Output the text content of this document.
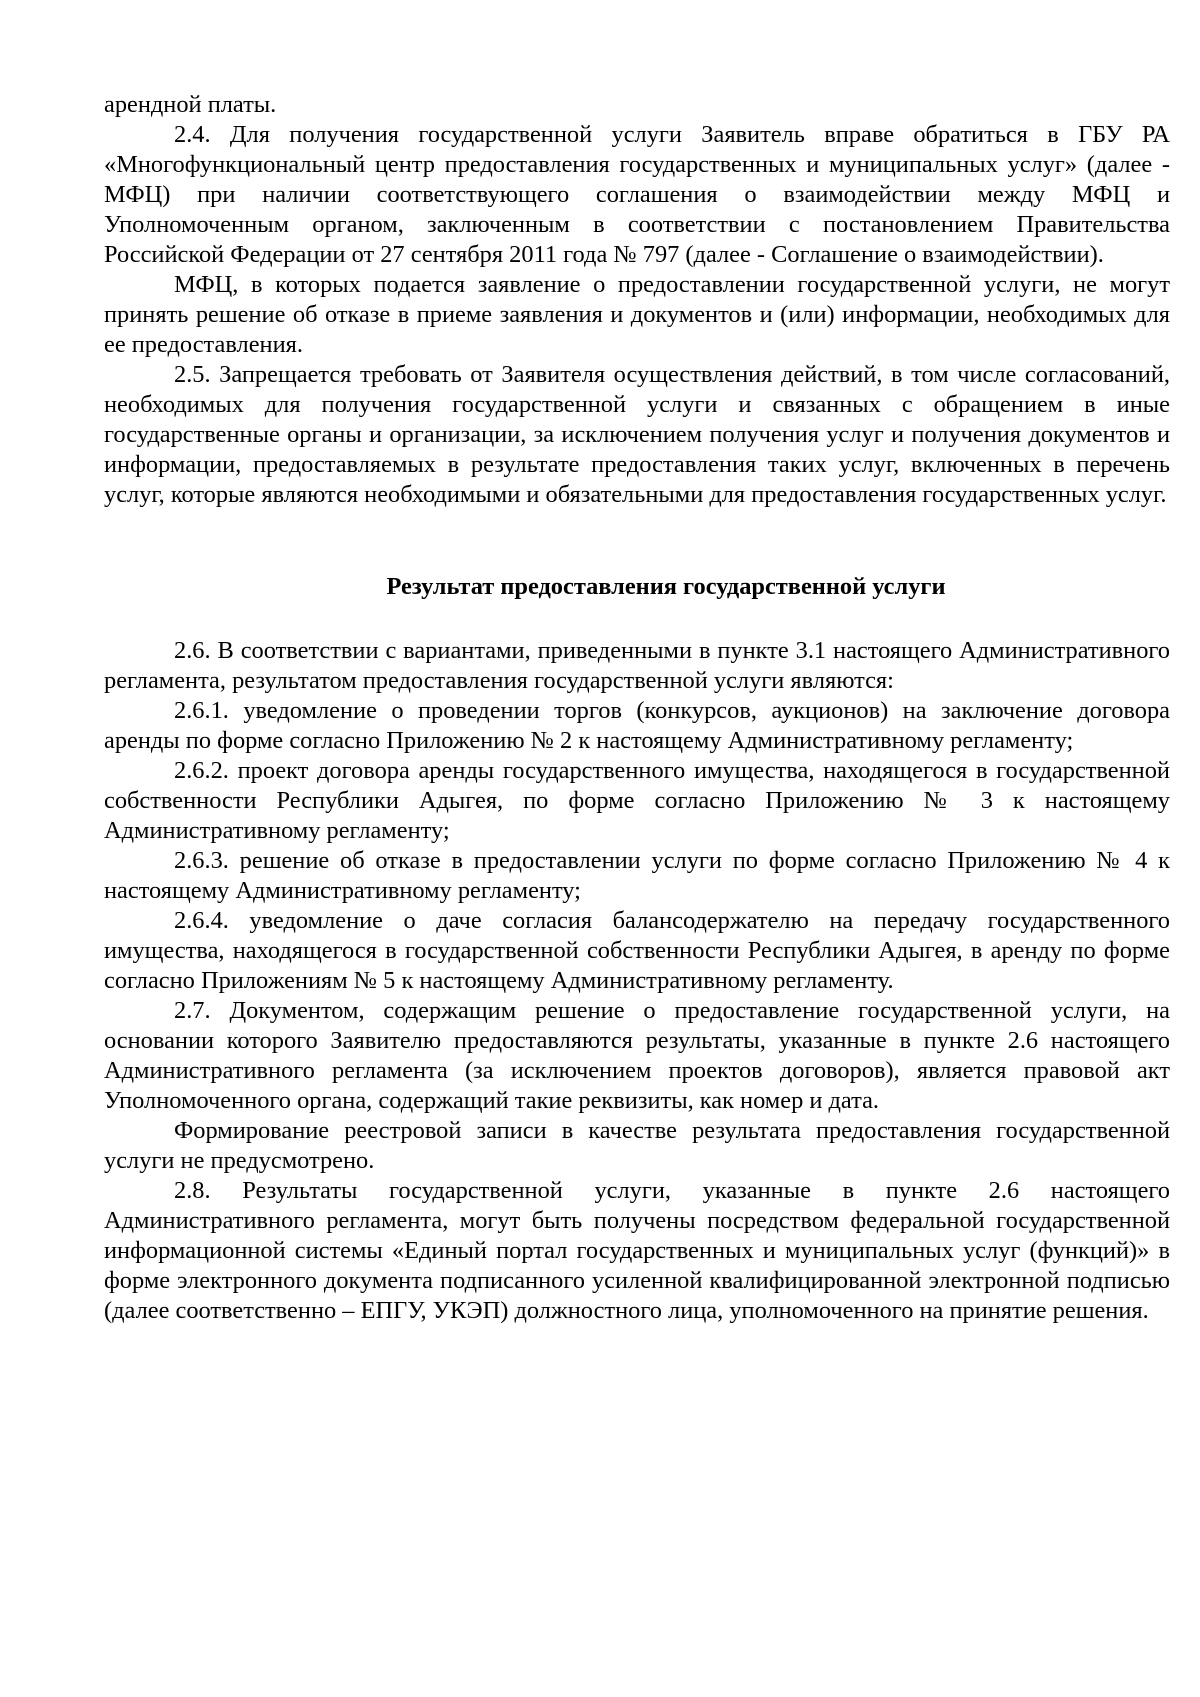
арендной платы.

2.4. Для получения государственной услуги Заявитель вправе обратиться в ГБУ РА «Многофункциональный центр предоставления государственных и муниципальных услуг» (далее - МФЦ) при наличии соответствующего соглашения о взаимодействии между МФЦ и Уполномоченным органом, заключенным в соответствии с постановлением Правительства Российской Федерации от 27 сентября 2011 года № 797 (далее - Соглашение о взаимодействии).

МФЦ, в которых подается заявление о предоставлении государственной услуги, не могут принять решение об отказе в приеме заявления и документов и (или) информации, необходимых для ее предоставления.

2.5. Запрещается требовать от Заявителя осуществления действий, в том числе согласований, необходимых для получения государственной услуги и связанных с обращением в иные государственные органы и организации, за исключением получения услуг и получения документов и информации, предоставляемых в результате предоставления таких услуг, включенных в перечень услуг, которые являются необходимыми и обязательными для предоставления государственных услуг.

Результат предоставления государственной услуги

2.6. В соответствии с вариантами, приведенными в пункте 3.1 настоящего Административного регламента, результатом предоставления государственной услуги являются:

2.6.1. уведомление о проведении торгов (конкурсов, аукционов) на заключение договора аренды по форме согласно Приложению № 2 к настоящему Административному регламенту;

2.6.2. проект договора аренды государственного имущества, находящегося в государственной собственности Республики Адыгея, по форме согласно Приложению № 3 к настоящему Административному регламенту;

2.6.3. решение об отказе в предоставлении услуги по форме согласно Приложению № 4 к настоящему Административному регламенту;

2.6.4. уведомление о даче согласия балансодержателю на передачу государственного имущества, находящегося в государственной собственности Республики Адыгея, в аренду по форме согласно Приложениям № 5 к настоящему Административному регламенту.

2.7. Документом, содержащим решение о предоставление государственной услуги, на основании которого Заявителю предоставляются результаты, указанные в пункте 2.6 настоящего Административного регламента (за исключением проектов договоров), является правовой акт Уполномоченного органа, содержащий такие реквизиты, как номер и дата.

Формирование реестровой записи в качестве результата предоставления государственной услуги не предусмотрено.

2.8. Результаты государственной услуги, указанные в пункте 2.6 настоящего Административного регламента, могут быть получены посредством федеральной государственной информационной системы «Единый портал государственных и муниципальных услуг (функций)» в форме электронного документа подписанного усиленной квалифицированной электронной подписью (далее соответственно – ЕПГУ, УКЭП) должностного лица, уполномоченного на принятие решения.
